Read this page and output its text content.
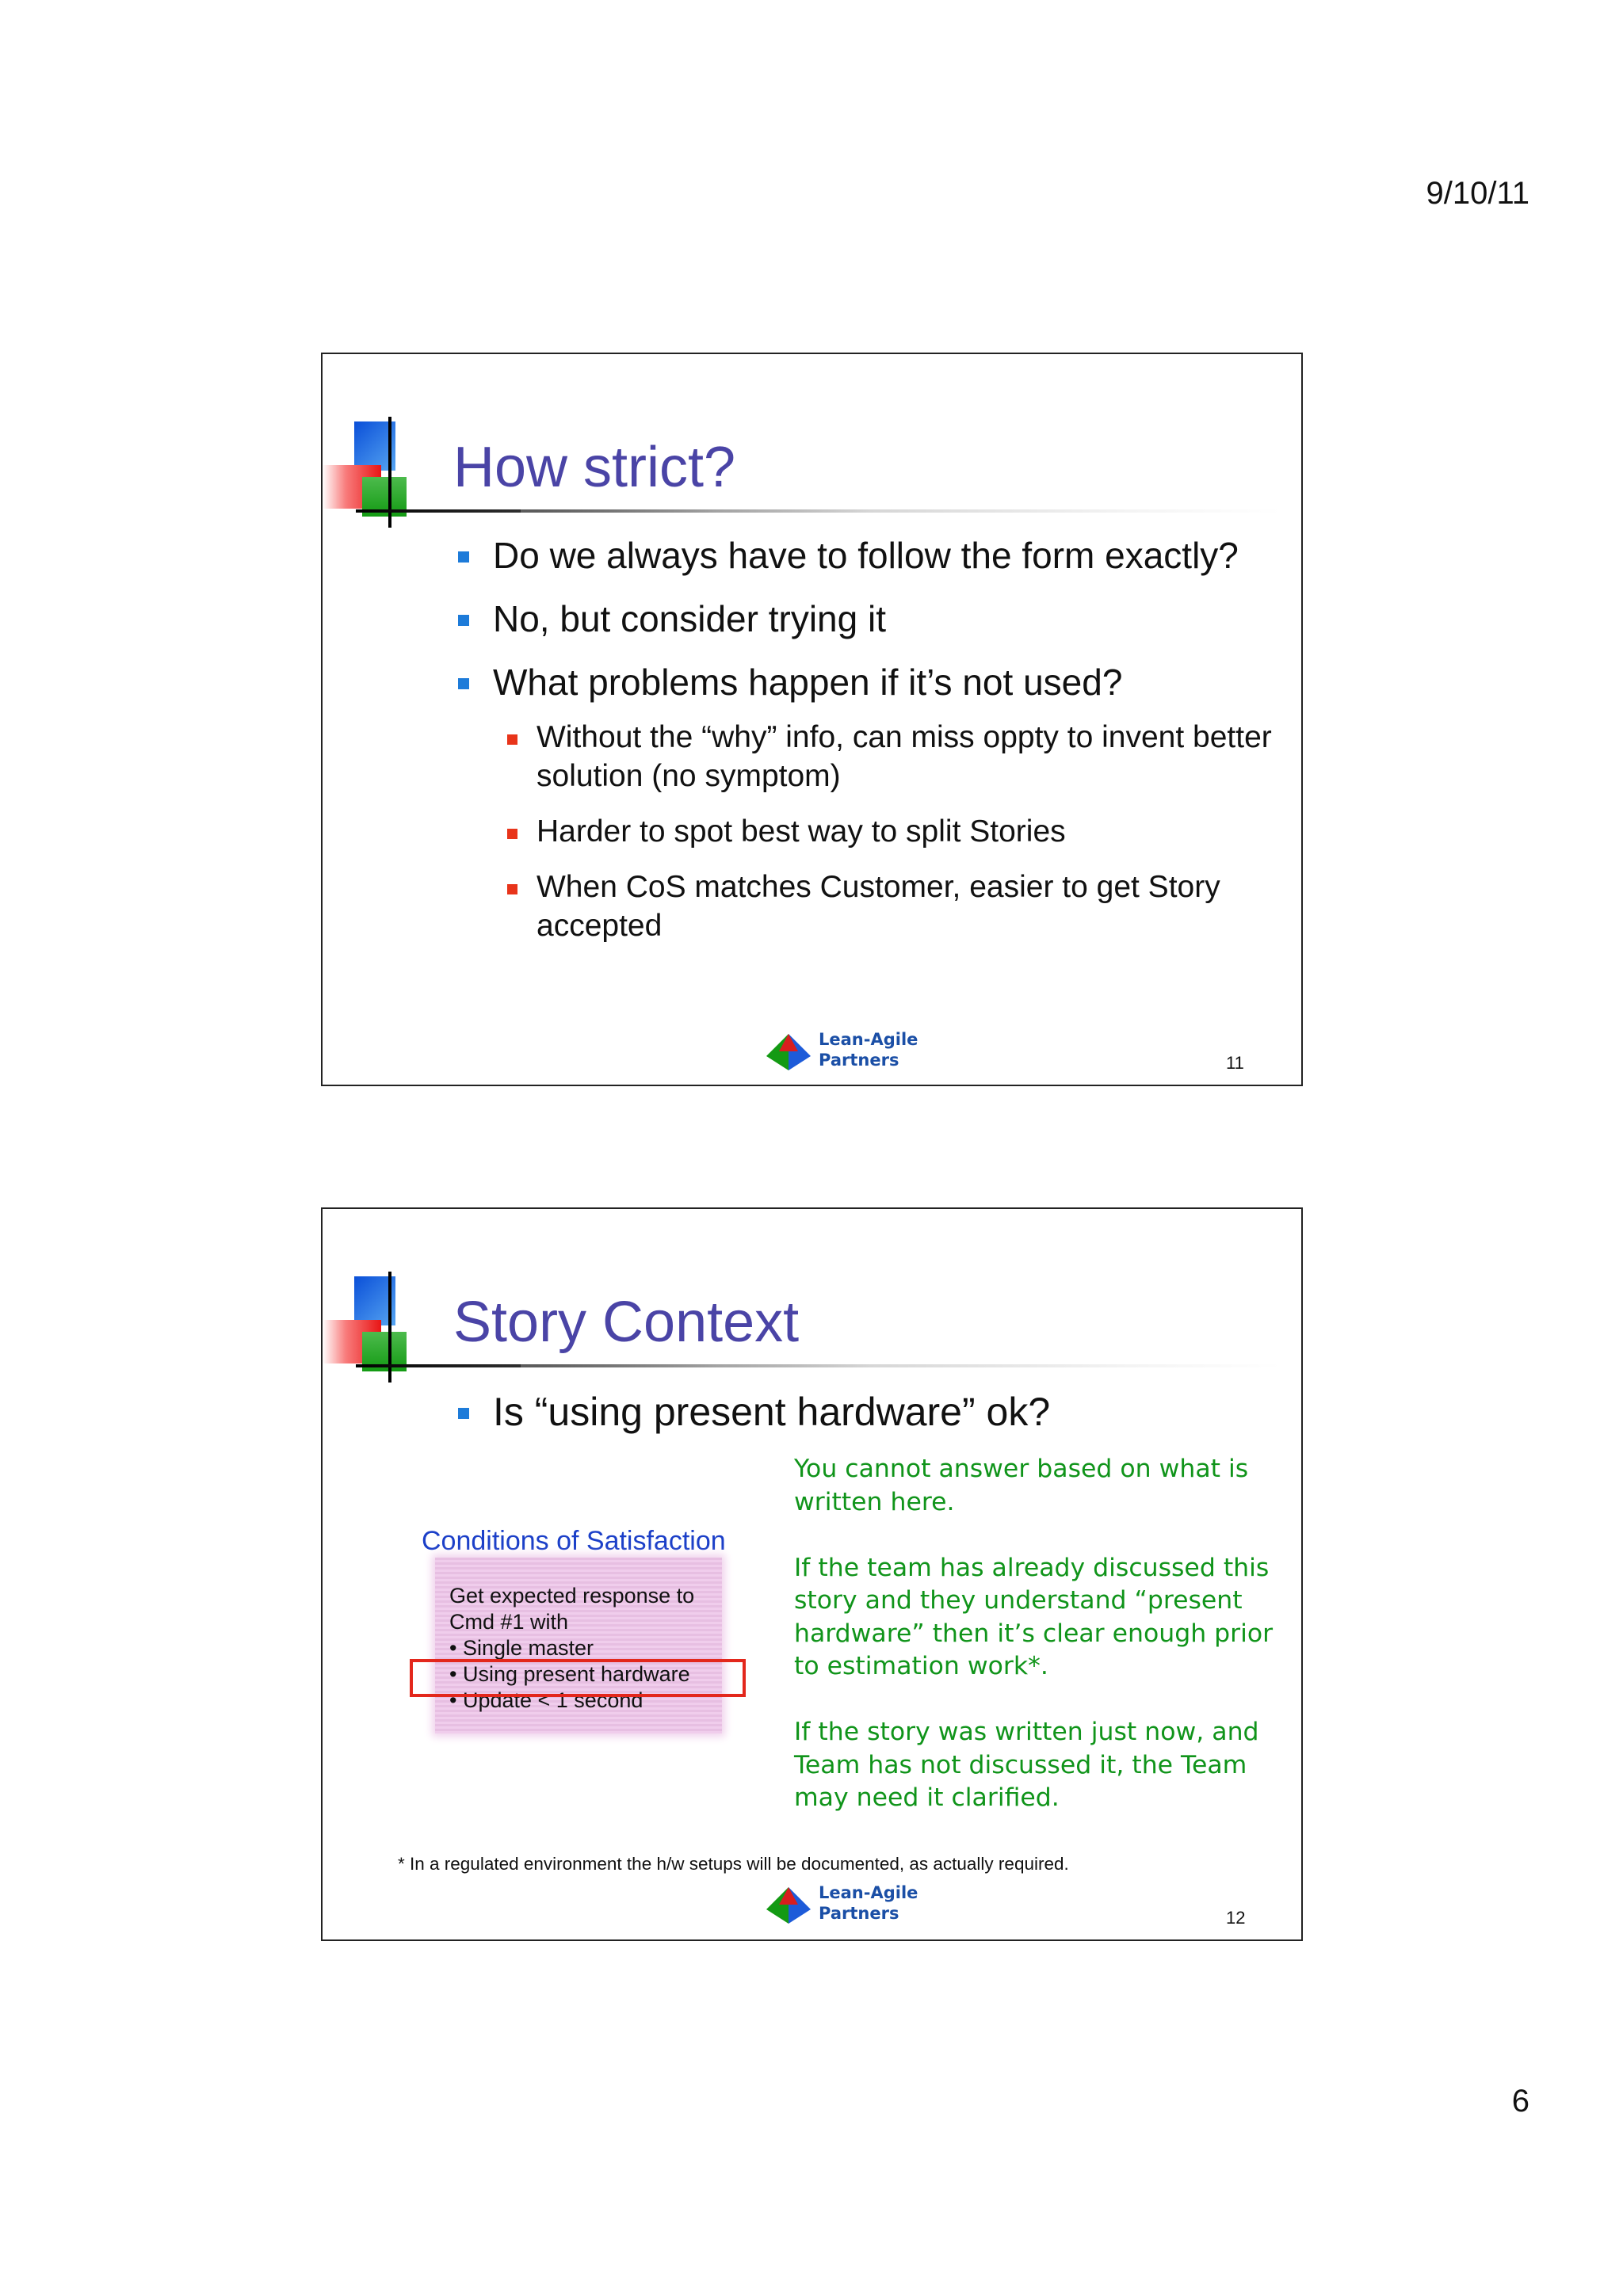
9/10/11
How strict?
Do we always have to follow the form exactly?
No, but consider trying it
What problems happen if it’s not used?
Without the “why” info, can miss oppty to invent better solution (no symptom)
Harder to spot best way to split Stories
When CoS matches Customer, easier to get Story accepted
Lean-Agile
Partners	11
Story Context
Is “using present hardware” ok?
Conditions of Satisfaction
Get expected response to
Cmd #1 with
• Single master
• Using present hardware
• Update < 1 second

You cannot answer based on what is written here.

If the team has already discussed this story and they understand “present hardware” then it’s clear enough prior to estimation work*.

If the story was written just now, and Team has not discussed it, the Team may need it clarified.

* In a regulated environment the h/w setups will be documented, as actually required.
Lean-Agile
Partners	12
6
